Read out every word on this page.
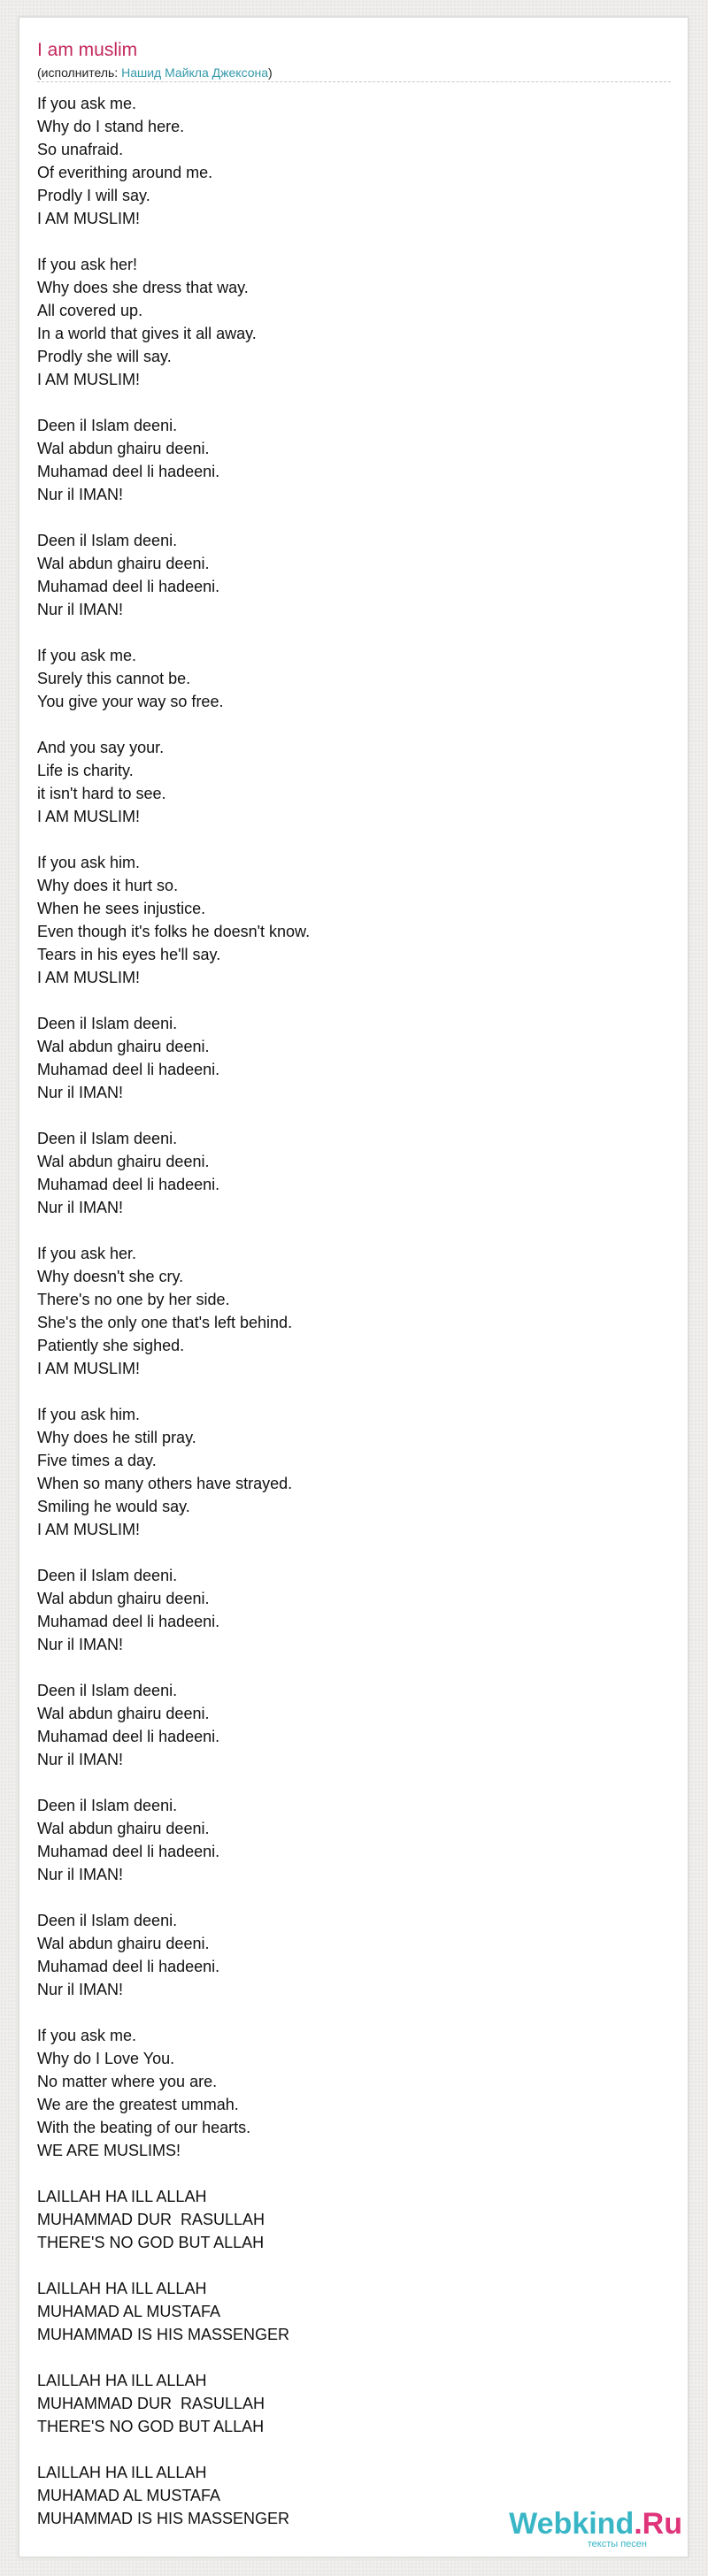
I am muslim
(исполнитель: Нашид Майкла Джексона)
If you ask me.
Why do I stand here.
So unafraid.
Of everithing around me.
Prodly I will say.
I AM MUSLIM!
If you ask her!
Why does she dress that way.
All covered up.
In a world that gives it all away.
Prodly she will say.
I AM MUSLIM!
Deen il Islam deeni.
Wal abdun ghairu deeni.
Muhamad deel li hadeeni.
Nur il IMAN!
Deen il Islam deeni.
Wal abdun ghairu deeni.
Muhamad deel li hadeeni.
Nur il IMAN!
If you ask me.
Surely this cannot be.
You give your way so free.
And you say your.
Life is charity.
it isn't hard to see.
I AM MUSLIM!
If you ask him.
Why does it hurt so.
When he sees injustice.
Even though it's folks he doesn't know.
Tears in his eyes he'll say.
I AM MUSLIM!
Deen il Islam deeni.
Wal abdun ghairu deeni.
Muhamad deel li hadeeni.
Nur il IMAN!
Deen il Islam deeni.
Wal abdun ghairu deeni.
Muhamad deel li hadeeni.
Nur il IMAN!
If you ask her.
Why doesn't she cry.
There's no one by her side.
She's the only one that's left behind.
Patiently she sighed.
I AM MUSLIM!
If you ask him.
Why does he still pray.
Five times a day.
When so many others have strayed.
Smiling he would say.
I AM MUSLIM!
Deen il Islam deeni.
Wal abdun ghairu deeni.
Muhamad deel li hadeeni.
Nur il IMAN!
Deen il Islam deeni.
Wal abdun ghairu deeni.
Muhamad deel li hadeeni.
Nur il IMAN!
Deen il Islam deeni.
Wal abdun ghairu deeni.
Muhamad deel li hadeeni.
Nur il IMAN!
Deen il Islam deeni.
Wal abdun ghairu deeni.
Muhamad deel li hadeeni.
Nur il IMAN!
If you ask me.
Why do I Love You.
No matter where you are.
We are the greatest ummah.
With the beating of our hearts.
WE ARE MUSLIMS!
LAILLAH HA ILL ALLAH
MUHAMMAD DUR  RASULLAH
THERE'S NO GOD BUT ALLAH
LAILLAH HA ILL ALLAH
MUHAMAD AL MUSTAFA
MUHAMMAD IS HIS MASSENGER
LAILLAH HA ILL ALLAH
MUHAMMAD DUR  RASULLAH
THERE'S NO GOD BUT ALLAH
LAILLAH HA ILL ALLAH
MUHAMAD AL MUSTAFA
MUHAMMAD IS HIS MASSENGER	Webkind.Ru
тексты песен
